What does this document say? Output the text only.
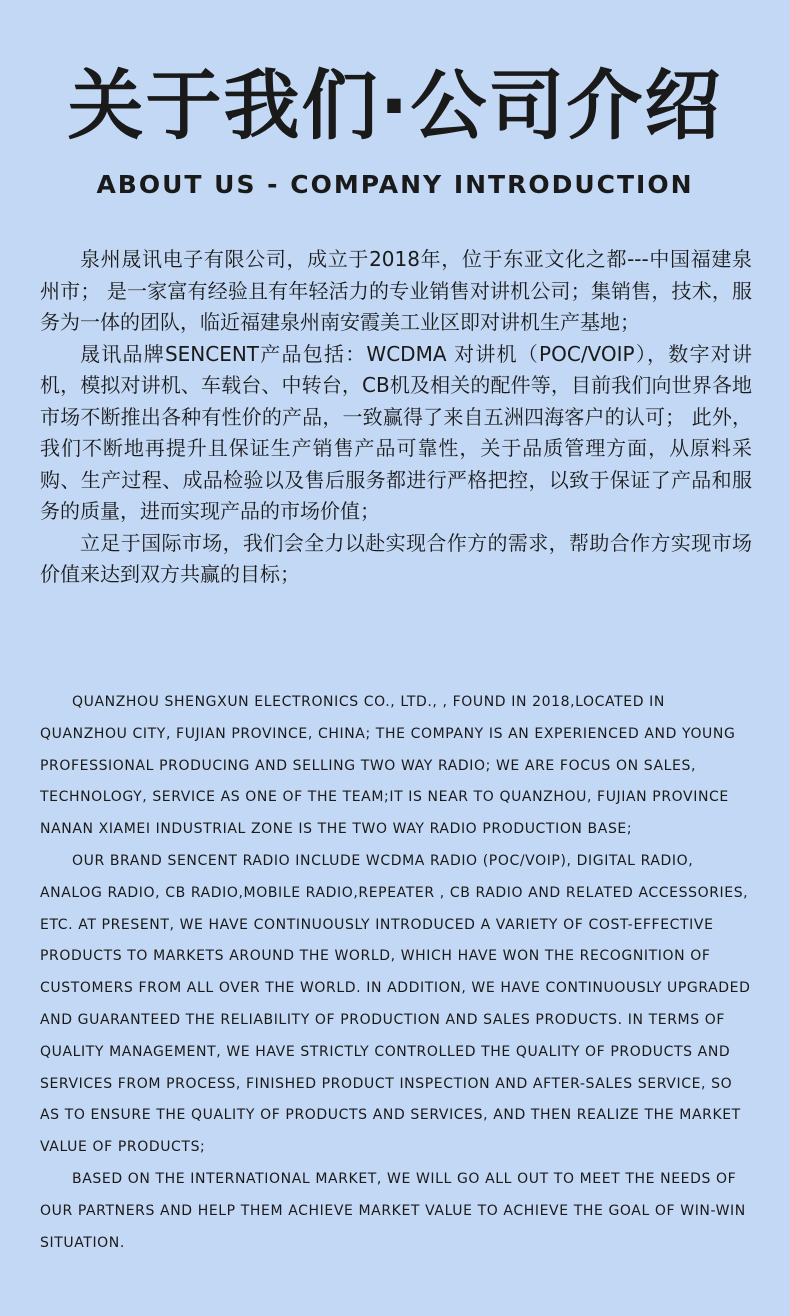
关于我们·公司介绍
ABOUT US - COMPANY INTRODUCTION

泉州晟讯电子有限公司，成立于2018年，位于东亚文化之都---中国福建泉州市； 是一家富有经验且有年轻活力的专业销售对讲机公司；集销售，技术，服务为一体的团队，临近福建泉州南安霞美工业区即对讲机生产基地；

晟讯品牌SENCENT产品包括：WCDMA 对讲机（POC/VOIP），数字对讲机，模拟对讲机、车载台、中转台，CB机及相关的配件等，目前我们向世界各地市场不断推出各种有性价的产品，一致赢得了来自五洲四海客户的认可； 此外，我们不断地再提升且保证生产销售产品可靠性，关于品质管理方面，从原料采购、生产过程、成品检验以及售后服务都进行严格把控，以致于保证了产品和服务的质量，进而实现产品的市场价值；

立足于国际市场，我们会全力以赴实现合作方的需求，帮助合作方实现市场价值来达到双方共赢的目标；

QUANZHOU SHENGXUN ELECTRONICS CO., LTD., , FOUND IN 2018,LOCATED IN QUANZHOU CITY, FUJIAN PROVINCE, CHINA; THE COMPANY IS AN EXPERIENCED AND YOUNG PROFESSIONAL PRODUCING AND SELLING TWO WAY RADIO; WE ARE FOCUS ON SALES, TECHNOLOGY, SERVICE AS ONE OF THE TEAM;IT IS NEAR TO QUANZHOU, FUJIAN PROVINCE NANAN XIAMEI INDUSTRIAL ZONE IS THE TWO WAY RADIO PRODUCTION BASE;

OUR BRAND SENCENT RADIO INCLUDE WCDMA RADIO (POC/VOIP), DIGITAL RADIO, ANALOG RADIO, CB RADIO,MOBILE RADIO,REPEATER , CB RADIO AND RELATED ACCESSORIES, ETC. AT PRESENT, WE HAVE CONTINUOUSLY INTRODUCED A VARIETY OF COST-EFFECTIVE PRODUCTS TO MARKETS AROUND THE WORLD, WHICH HAVE WON THE RECOGNITION OF CUSTOMERS FROM ALL OVER THE WORLD. IN ADDITION, WE HAVE CONTINUOUSLY UPGRADED AND GUARANTEED THE RELIABILITY OF PRODUCTION AND SALES PRODUCTS. IN TERMS OF QUALITY MANAGEMENT, WE HAVE STRICTLY CONTROLLED THE QUALITY OF PRODUCTS AND SERVICES FROM PROCESS, FINISHED PRODUCT INSPECTION AND AFTER-SALES SERVICE, SO AS TO ENSURE THE QUALITY OF PRODUCTS AND SERVICES, AND THEN REALIZE THE MARKET VALUE OF PRODUCTS;

BASED ON THE INTERNATIONAL MARKET, WE WILL GO ALL OUT TO MEET THE NEEDS OF OUR PARTNERS AND HELP THEM ACHIEVE MARKET VALUE TO ACHIEVE THE GOAL OF WIN-WIN SITUATION.
